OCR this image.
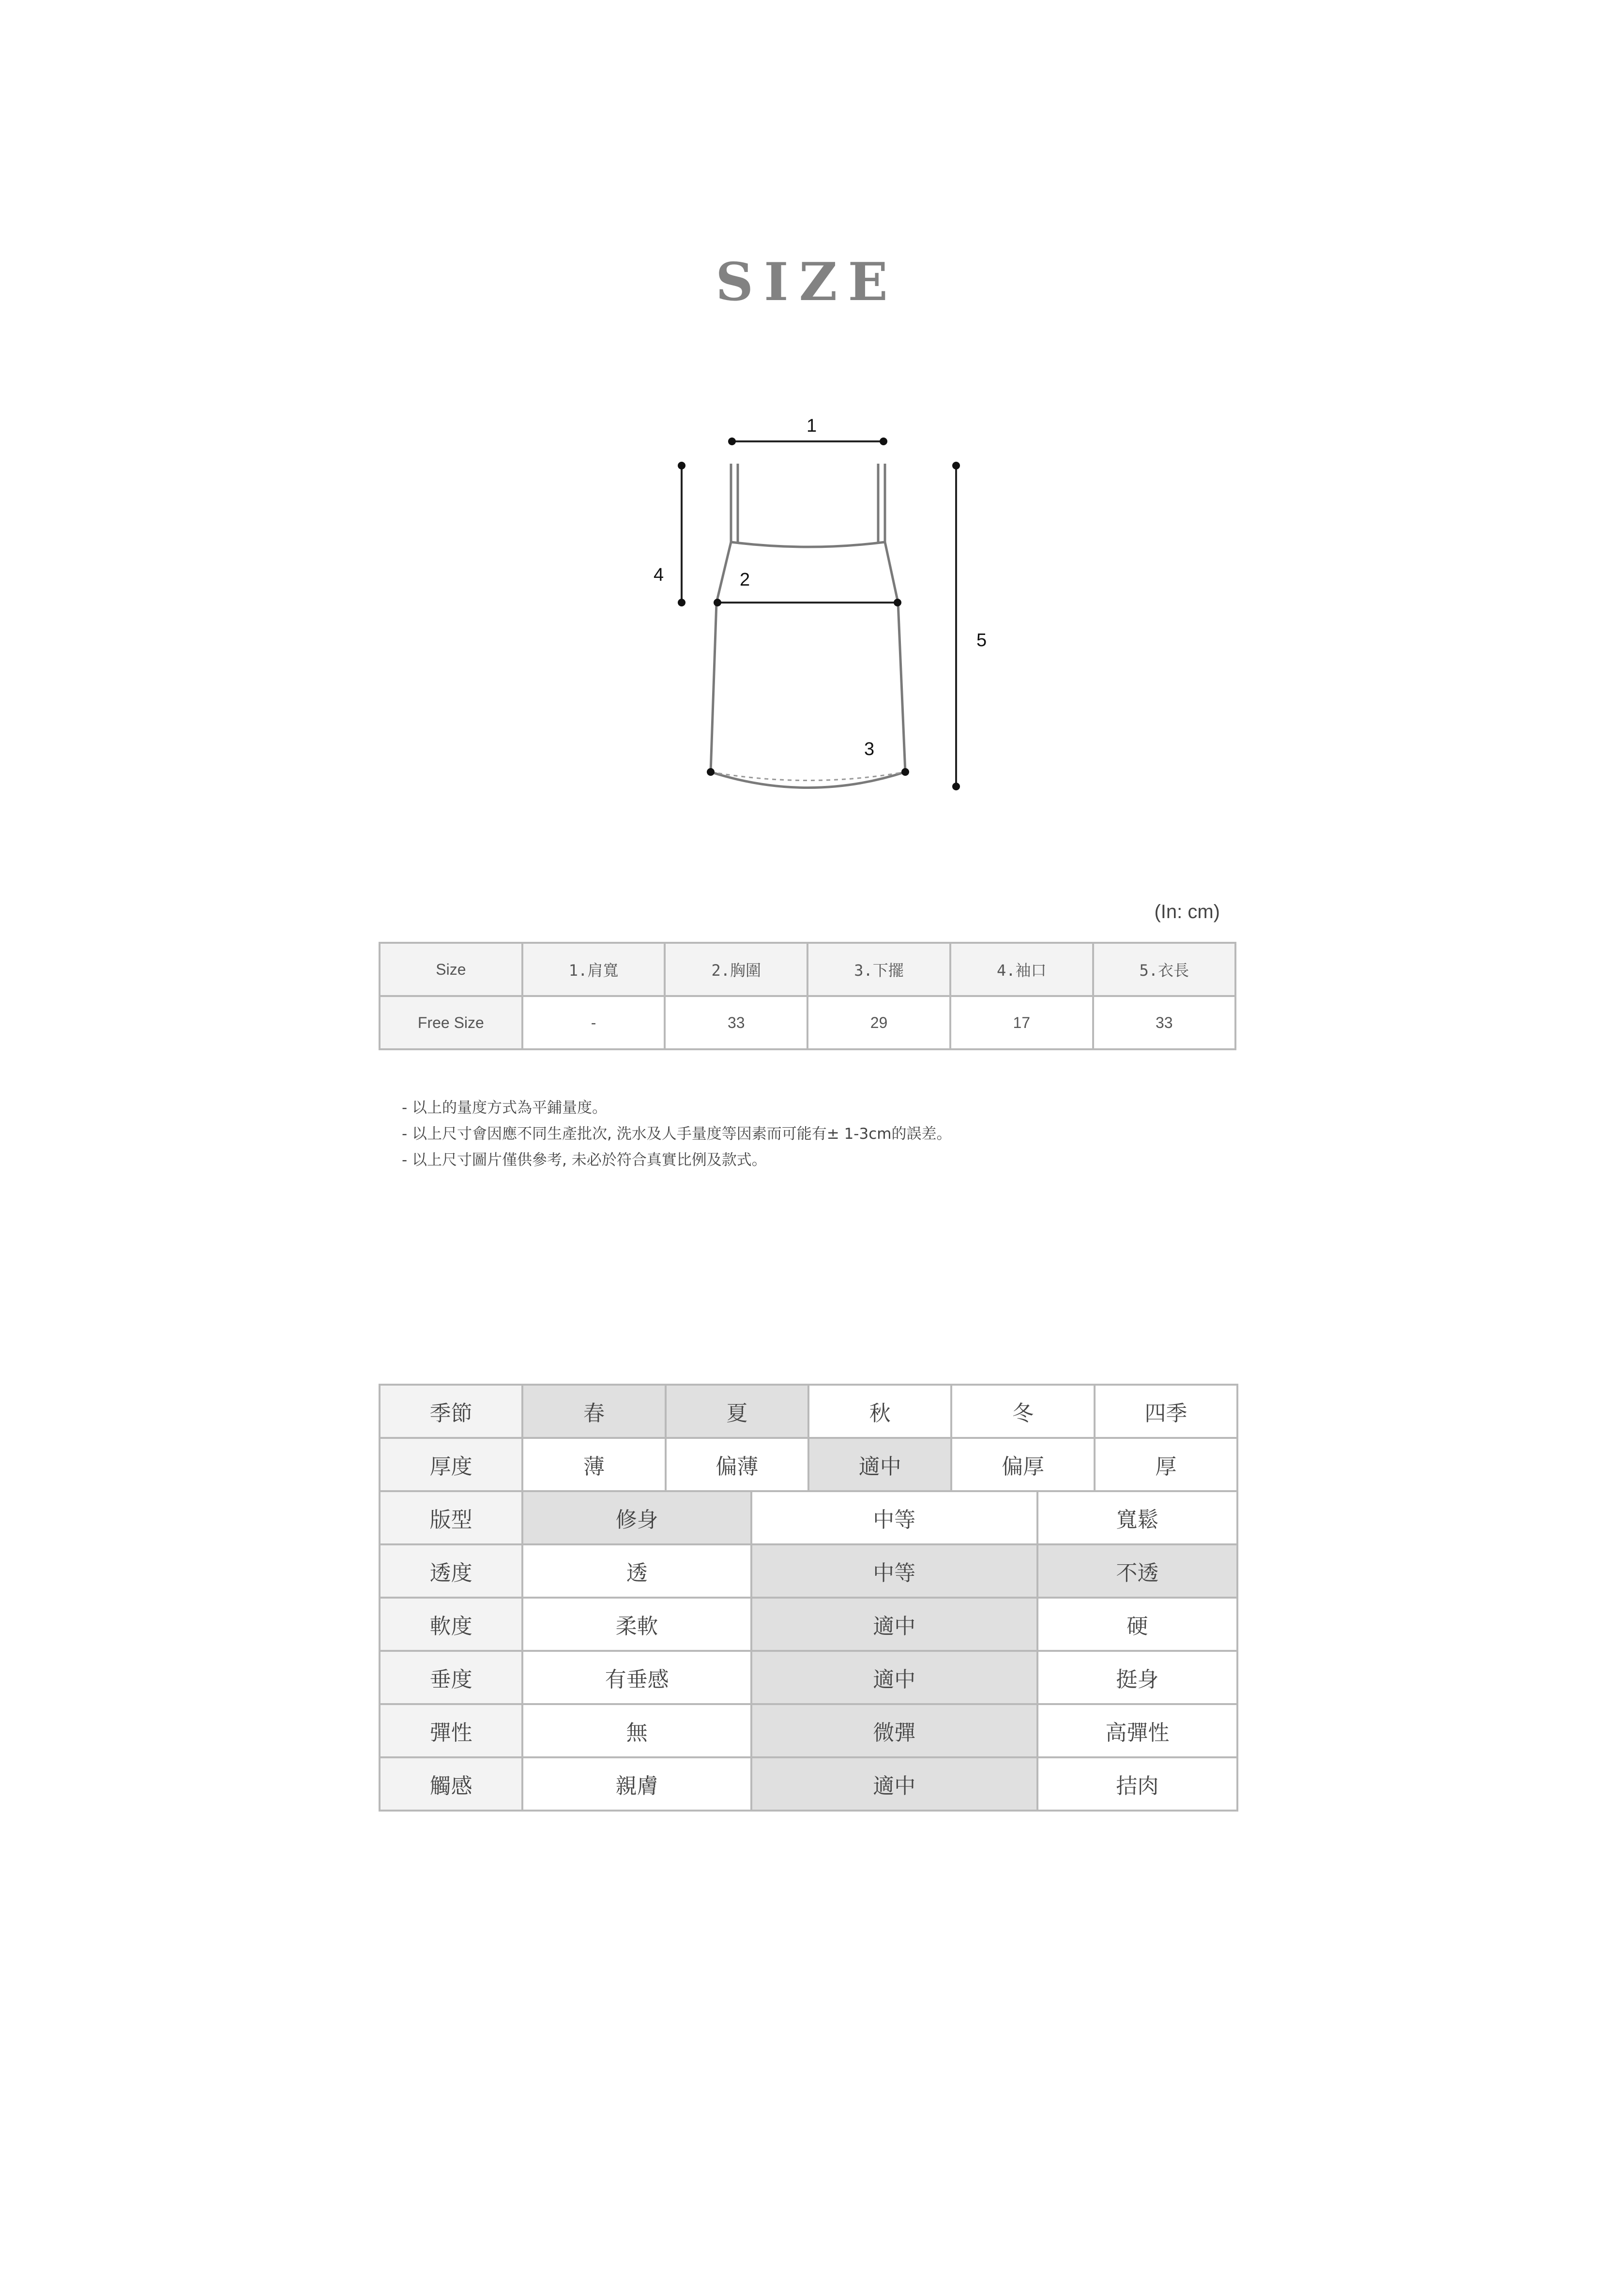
SIZE
1
2
3
4
5
(In: cm)
Size	1.肩寬	2.胸圍	3.下擺	4.袖口	5.衣長
Free Size	-	33	29	17	33
- 以上的量度方式為平鋪量度。
- 以上尺寸會因應不同生產批次, 洗水及人手量度等因素而可能有± 1-3cm的誤差。
- 以上尺寸圖片僅供參考, 未必於符合真實比例及款式。
季節	春	夏		秋	冬		四季
厚度	薄	偏薄		適中	偏厚		厚
版型	修身		中等			寬鬆	
透度	透		中等			不透	
軟度	柔軟		適中			硬	
垂度	有垂感		適中			挺身	
彈性	無		微彈			高彈性	
觸感	親膚		適中			拮肉	
